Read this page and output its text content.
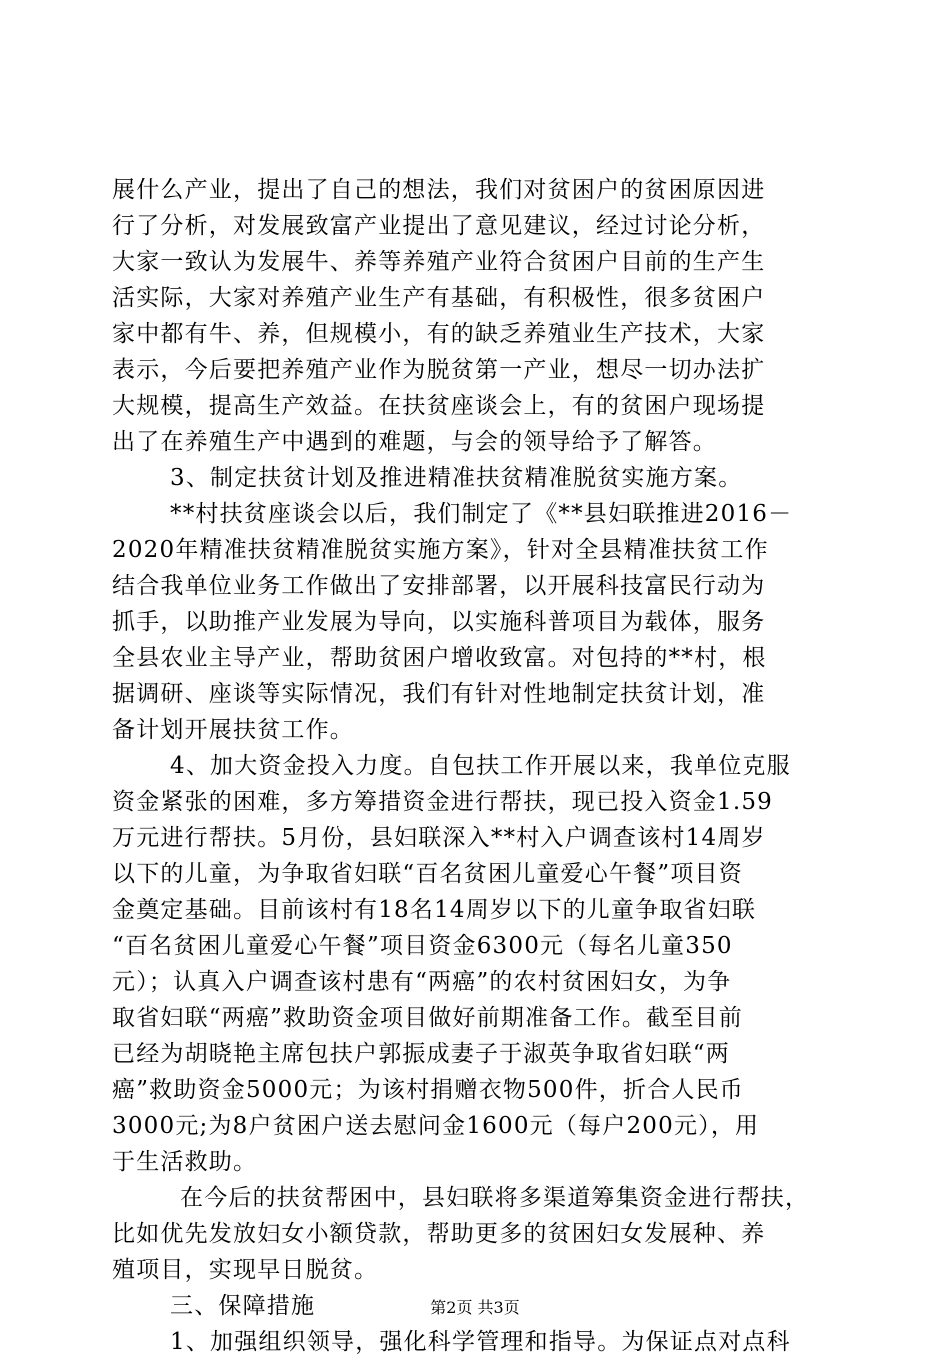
展什么产业，提出了自己的想法，我们对贫困户的贫困原因进
行了分析，对发展致富产业提出了意见建议，经过讨论分析，
大家一致认为发展牛、养等养殖产业符合贫困户目前的生产生
活实际，大家对养殖产业生产有基础，有积极性，很多贫困户
家中都有牛、养，但规模小，有的缺乏养殖业生产技术，大家
表示，今后要把养殖产业作为脱贫第一产业，想尽一切办法扩
大规模，提高生产效益。在扶贫座谈会上，有的贫困户现场提
出了在养殖生产中遇到的难题，与会的领导给予了解答。
3、制定扶贫计划及推进精准扶贫精准脱贫实施方案。
**村扶贫座谈会以后，我们制定了《**县妇联推进2016－
2020年精准扶贫精准脱贫实施方案》，针对全县精准扶贫工作
结合我单位业务工作做出了安排部署，以开展科技富民行动为
抓手，以助推产业发展为导向，以实施科普项目为载体，服务
全县农业主导产业，帮助贫困户增收致富。对包持的**村，根
据调研、座谈等实际情况，我们有针对性地制定扶贫计划，准
备计划开展扶贫工作。
4、加大资金投入力度。自包扶工作开展以来，我单位克服
资金紧张的困难，多方筹措资金进行帮扶，现已投入资金1.59
万元进行帮扶。5月份，县妇联深入**村入户调查该村14周岁
以下的儿童，为争取省妇联“百名贫困儿童爱心午餐”项目资
金奠定基础。目前该村有18名14周岁以下的儿童争取省妇联
“百名贫困儿童爱心午餐”项目资金6300元（每名儿童350
元）；认真入户调查该村患有“两癌”的农村贫困妇女，为争
取省妇联“两癌”救助资金项目做好前期准备工作。截至目前
已经为胡晓艳主席包扶户郭振成妻子于淑英争取省妇联“两
癌”救助资金5000元；为该村捐赠衣物500件，折合人民币
3000元;为8户贫困户送去慰问金1600元（每户200元），用
于生活救助。
在今后的扶贫帮困中，县妇联将多渠道筹集资金进行帮扶，
比如优先发放妇女小额贷款，帮助更多的贫困妇女发展种、养
殖项目，实现早日脱贫。
三、保障措施
1、加强组织领导，强化科学管理和指导。为保证点对点科
第2页 共3页
